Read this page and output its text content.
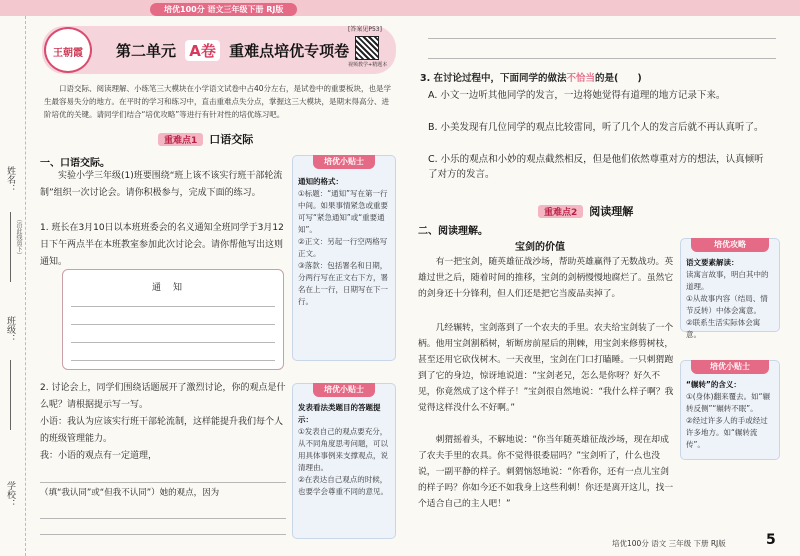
培优100分 语文三年级下册 RJ版
姓名：
（沿此线剪下）
班级：
学校：
王朝霞 第二单元 A卷 重难点培优专项卷
[答案见P53]
视频教学+精题本
口语交际、阅读理解、小练笔三大模块在小学语文试卷中占40分左右，是试卷中的重要板块，也是学生最容易失分的地方。在平时的学习和练习中，直击重难点失分点，掌握这三大模块，是期末得高分、进阶培优的关键。请同学们结合“培优攻略”等进行有针对性的培优练习吧。
重难点1	口语交际
一、口语交际。
实验小学三年级(1)班要围绕“班上该不该实行班干部轮流制”组织一次讨论会。请你积极参与，完成下面的练习。
1. 班长在3月10日以本班班委会的名义通知全班同学于3月12日下午两点半在本班教室参加此次讨论会。请你帮他写出这则通知。
通知
2. 讨论会上，同学们围绕话题展开了激烈讨论，你的观点是什么呢？请根据提示写一写。
小语：我认为应该实行班干部轮流制，这样能提升我们每个人的班级管理能力。
我：小语的观点有一定道理，
（填“我认同”或“但我不认同”）她的观点，因为
培优小贴士
通知的格式：
①标题：“通知”写在第一行中间。如果事情紧急或重要可写“紧急通知”或“重要通知”。
②正文：另起一行空两格写正文。
③落款：包括署名和日期，分两行写在正文右下方，署名在上一行，日期写在下一行。
培优小贴士
发表看法类题目的答题提示：
①发表自己的观点要充分，从不同角度思考问题，可以用具体事例来支撑观点，说清理由。
②在表达自己观点的时候，也要学会尊重不同的意见。
3. 在讨论过程中，下面同学的做法不恰当的是(　　)
A. 小文一边听其他同学的发言，一边将她觉得有道理的地方记录下来。
B. 小美发现有几位同学的观点比较雷同，听了几个人的发言后就不再认真听了。
C. 小乐的观点和小妙的观点截然相反，但是他们依然尊重对方的想法，认真倾听了对方的发言。
重难点2	阅读理解
二、阅读理解。
宝剑的价值
有一把宝剑，随英雄征战沙场，帮助英雄赢得了无数战功。英雄过世之后，随着时间的推移，宝剑的剑柄慢慢地腐烂了。虽然它的剑身还十分锋利，但人们还是把它当废品卖掉了。
几经辗转，宝剑落到了一个农夫的手里。农夫给宝剑装了一个柄。他用宝剑割稻树，斩断房前屋后的荆棘，用宝剑来修剪树枝，甚至还用它砍伐树木。一天夜里，宝剑在门口打瞌睡。一只刺猬跑到了它的身边，惊讶地说道：“宝剑老兄，怎么是你呀？好久不见，你竟然成了这个样子！”宝剑很自然地说：“我什么样子啊？我觉得这样没什么不好啊。”
刺猬摇着头，不解地说：“你当年随英雄征战沙场，现在却成了农夫手里的农具。你不觉得很委屈吗？”宝剑听了，什么也没说，一副平静的样子。刺猬恼怒地说：“你看你，还有一点儿宝剑的样子吗？你如今还不如我身上这些利刺！你还是离开这儿，找一个适合自己的主人吧！”
培优攻略
语文要素解读：
读寓言故事，明白其中的道理。
①从故事内容（结局、情节反转）中体会寓意。
②联系生活实际体会寓意。
培优小贴士
“辗转”的含义：
①(身体)翻来覆去。如“辗转反侧”“辗转不眠”。
②经过许多人的手或经过许多地方。如“辗转流传”。
培优100分 语文 三年级 下册 RJ版	5
